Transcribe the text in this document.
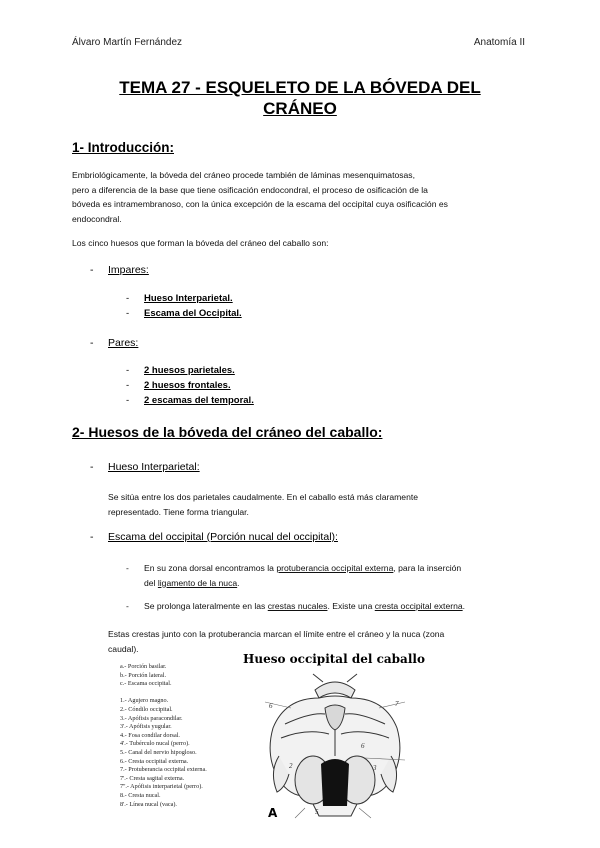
Álvaro Martín Fernández	Anatomía II
TEMA 27 - ESQUELETO DE LA BÓVEDA DEL
CRÁNEO
1- Introducción:
Embriológicamente, la bóveda del cráneo procede también de láminas mesenquimatosas,
pero a diferencia de la base que tiene osificación endocondral, el proceso de osificación de la
bóveda es intramembranoso, con la única excepción de la escama del occipital cuya osificación es
endocondral.
Los cinco huesos que forman la bóveda del cráneo del caballo son:
-	Impares:
-	Hueso Interparietal.
-	Escama del Occipital.
-	Pares:
-	2 huesos parietales.
-	2 huesos frontales.
-	2 escamas del temporal.
2- Huesos de la bóveda del cráneo del caballo:
-	Hueso Interparietal:
Se sitúa entre los dos parietales caudalmente. En el caballo está más claramente
representado. Tiene forma triangular.
-	Escama del occipital (Porción nucal del occipital):
-	En su zona dorsal encontramos la protuberancia occipital externa, para la inserción
del ligamento de la nuca.
-	Se prolonga lateralmente en las crestas nucales. Existe una cresta occipital externa.
Estas crestas junto con la protuberancia marcan el límite entre el cráneo y la nuca (zona
caudal).
Hueso occipital del caballo
a.- Porción basilar.
b.- Porción lateral.
c.- Escama occipital.

1.- Agujero magno.
2.- Cóndilo occipital.
3.- Apófisis paracondilar.
3'.- Apófisis yugular.
4.- Fosa condilar dorsal.
4'.- Tubérculo nucal (perro).
5.- Canal del nervio hipogloso.
6.- Cresta occipital externa.
7.- Protuberancia occipital externa.
7'.- Cresta sagital externa.
7''.- Apófisis interparietal (perro).
8.- Cresta nucal.
8'.- Línea nucal (vaca).
6	7
6
2	3
5
A
